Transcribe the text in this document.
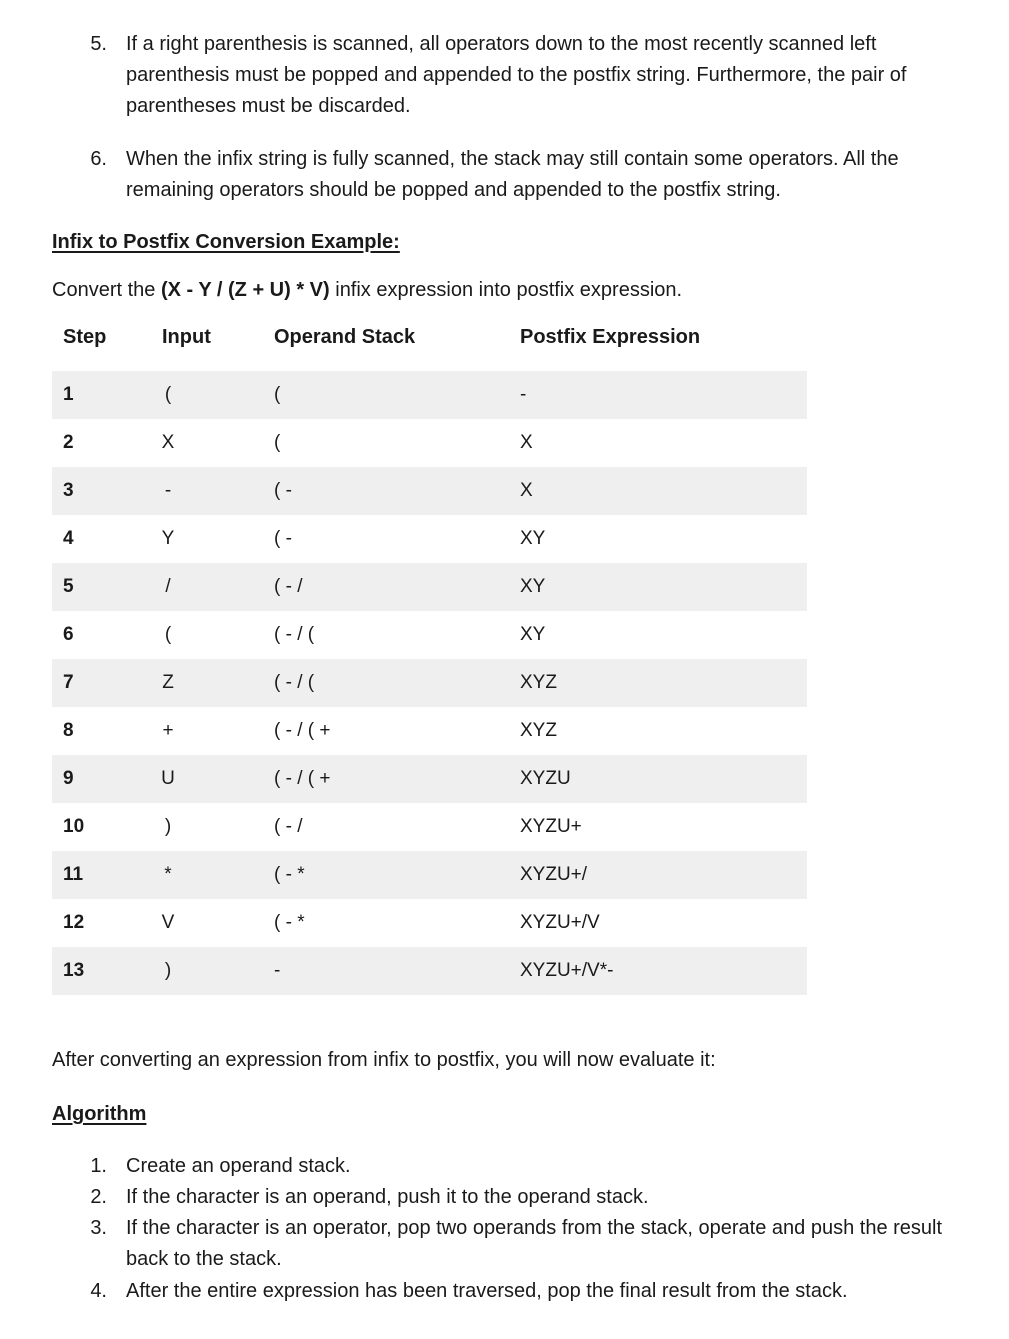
5. If a right parenthesis is scanned, all operators down to the most recently scanned left
parenthesis must be popped and appended to the postfix string. Furthermore, the pair of
parentheses must be discarded.
6. When the infix string is fully scanned, the stack may still contain some operators. All the
remaining operators should be popped and appended to the postfix string.
Infix to Postfix Conversion Example:
Convert the (X - Y / (Z + U) * V) infix expression into postfix expression.
Step	Input	Operand Stack	Postfix Expression
1	(	(	-
2	X	(	X
3	-	( -	X
4	Y	( -	XY
5	/	( - /	XY
6	(	( - / (	XY
7	Z	( - / (	XYZ
8	+	( - / ( +	XYZ
9	U	( - / ( +	XYZU
10	)	( - /	XYZU+
11	*	( - *	XYZU+/
12	V	( - *	XYZU+/V
13	)	-	XYZU+/V*-
After converting an expression from infix to postfix, you will now evaluate it:
Algorithm
1. Create an operand stack.
2. If the character is an operand, push it to the operand stack.
3. If the character is an operator, pop two operands from the stack, operate and push the result
back to the stack.
4. After the entire expression has been traversed, pop the final result from the stack.
